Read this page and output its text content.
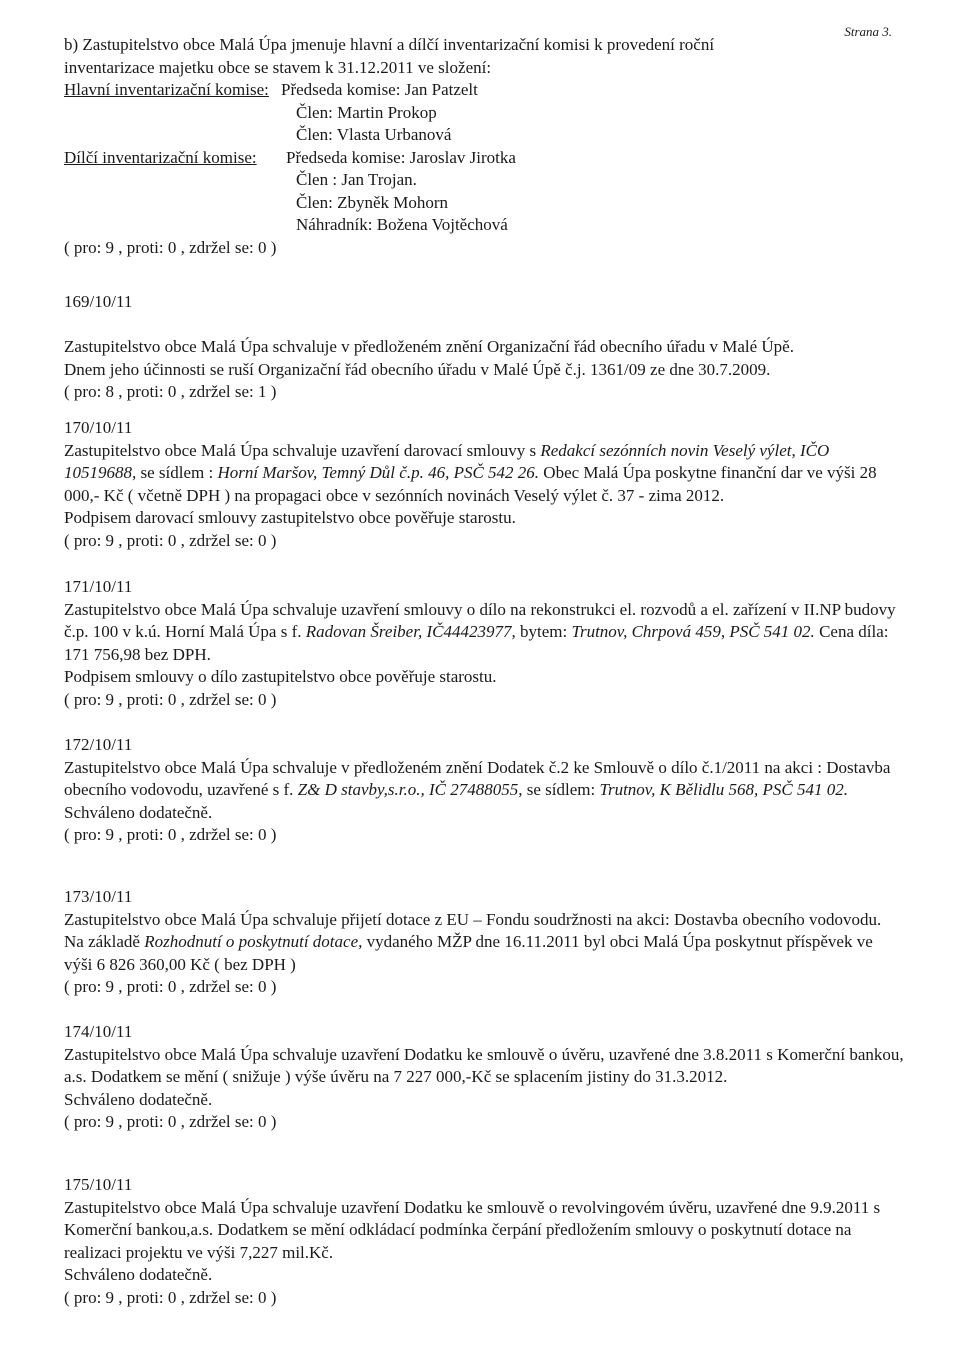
Strana 3.
b) Zastupitelstvo obce Malá Úpa jmenuje hlavní a dílčí inventarizační komisi k provedení roční
inventarizace majetku obce se stavem k 31.12.2011 ve složení:
Hlavní inventarizační komise: Předseda komise: Jan Patzelt
Člen: Martin Prokop
Člen: Vlasta Urbanová
Dílčí inventarizační komise: Předseda komise: Jaroslav Jirotka
Člen : Jan Trojan.
Člen: Zbyněk Mohorn
Náhradník: Božena Vojtěchová
( pro: 9 , proti: 0 , zdržel se: 0 )

169/10/11

Zastupitelstvo obce Malá Úpa schvaluje v předloženém znění Organizační řád obecního úřadu v Malé Úpě.

Dnem jeho účinnosti se ruší Organizační řád obecního úřadu v Malé Úpě č.j. 1361/09 ze dne 30.7.2009.

( pro: 8 , proti: 0 , zdržel se: 1 )

170/10/11

Zastupitelstvo obce Malá Úpa schvaluje uzavření darovací smlouvy s Redakcí sezónních novin Veselý výlet, IČO 10519688, se sídlem : Horní Maršov, Temný Důl č.p. 46, PSČ 542 26. Obec Malá Úpa poskytne finanční dar ve výši 28 000,- Kč ( včetně DPH ) na propagaci obce v sezónních novinách Veselý výlet č. 37 - zima 2012.

Podpisem darovací smlouvy zastupitelstvo obce pověřuje starostu.

( pro: 9 , proti: 0 , zdržel se: 0 )

171/10/11

Zastupitelstvo obce Malá Úpa schvaluje uzavření smlouvy o dílo na rekonstrukci el. rozvodů a el. zařízení v II.NP budovy č.p. 100 v k.ú. Horní Malá Úpa s f. Radovan Šreiber, IČ44423977, bytem: Trutnov, Chrpová 459, PSČ 541 02. Cena díla: 171 756,98 bez DPH.

Podpisem smlouvy o dílo zastupitelstvo obce pověřuje starostu.

( pro: 9 , proti: 0 , zdržel se: 0 )

172/10/11

Zastupitelstvo obce Malá Úpa schvaluje v předloženém znění Dodatek č.2 ke Smlouvě o dílo č.1/2011 na akci : Dostavba obecního vodovodu, uzavřené s f. Z& D stavby,s.r.o., IČ 27488055, se sídlem: Trutnov, K Bělidlu 568, PSČ 541 02.

Schváleno dodatečně.

( pro: 9 , proti: 0 , zdržel se: 0 )

173/10/11

Zastupitelstvo obce Malá Úpa schvaluje přijetí dotace z EU – Fondu soudržnosti na akci: Dostavba obecního vodovodu. Na základě Rozhodnutí o poskytnutí dotace, vydaného MŽP dne 16.11.2011 byl obci Malá Úpa poskytnut příspěvek ve výši 6 826 360,00 Kč ( bez DPH )

( pro: 9 , proti: 0 , zdržel se: 0 )

174/10/11

Zastupitelstvo obce Malá Úpa schvaluje uzavření Dodatku ke smlouvě o úvěru, uzavřené dne 3.8.2011 s Komerční bankou, a.s. Dodatkem se mění ( snižuje ) výše úvěru na 7 227 000,-Kč se splacením jistiny do 31.3.2012.

Schváleno dodatečně.

( pro: 9 , proti: 0 , zdržel se: 0 )

175/10/11

Zastupitelstvo obce Malá Úpa schvaluje uzavření Dodatku ke smlouvě o revolvingovém úvěru, uzavřené dne 9.9.2011 s Komerční bankou,a.s. Dodatkem se mění odkládací podmínka čerpání předložením smlouvy o poskytnutí dotace na realizaci projektu ve výši 7,227 mil.Kč.

Schváleno dodatečně.

( pro: 9 , proti: 0 , zdržel se: 0 )
